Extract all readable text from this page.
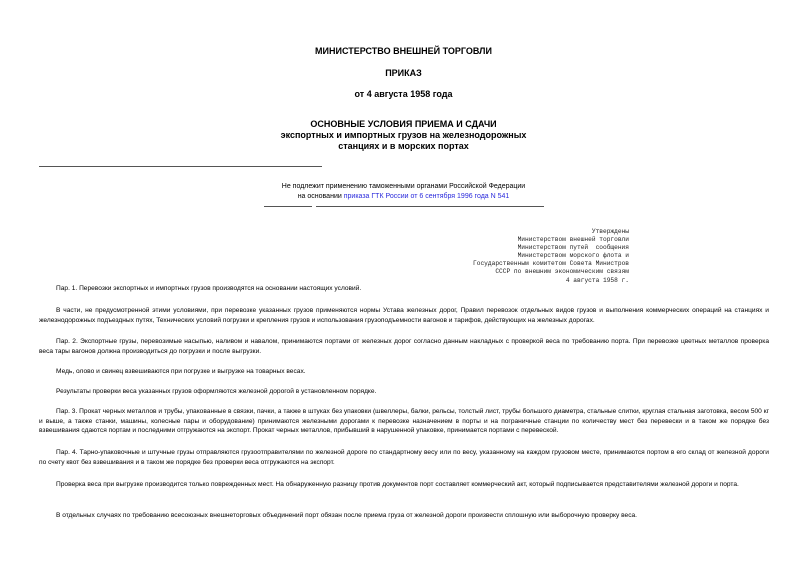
МИНИСТЕРСТВО ВНЕШНЕЙ ТОРГОВЛИ
ПРИКАЗ
от 4 августа 1958 года
ОСНОВНЫЕ УСЛОВИЯ ПРИЕМА И СДАЧИ
экспортных и импортных грузов на железнодорожных
станциях и в морских портах
Не подлежит применению таможенными органами Российской Федерации
на основании приказа ГТК России от 6 сентября 1996 года N 541
Утверждены
Министерством внешней торговли
Министерством путей  сообщения
Министерством морского флота и
Государственным комитетом Совета Министров
СССР по внешним экономическим связям
4 августа 1958 г.
Пар. 1. Перевозки экспортных и импортных грузов производятся на основании настоящих условий.
В части, не предусмотренной этими условиями, при перевозке указанных грузов применяются нормы Устава железных дорог, Правил перевозок отдельных видов грузов и выполнения коммерческих операций на станциях и железнодорожных подъездных путях, Технических условий погрузки и крепления грузов и использования грузоподъемности вагонов и тарифов, действующих на железных дорогах.
Пар. 2. Экспортные грузы, перевозимые насыпью, наливом и навалом, принимаются портами от железных дорог согласно данным накладных с проверкой веса по требованию порта. При перевозке цветных металлов проверка веса тары вагонов должна производиться до погрузки и после выгрузки.
Медь, олово и свинец взвешиваются при погрузке и выгрузке на товарных весах.
Результаты проверки веса указанных грузов оформляются железной дорогой в установленном порядке.
Пар. 3. Прокат черных металлов и трубы, упакованные в связки, пачки, а также в штуках без упаковки (швеллеры, балки, рельсы, толстый лист, трубы большого диаметра, стальные слитки, круглая стальная заготовка, весом 500 кг и выше, а также станки, машины, колесные пары и оборудование) принимаются железными дорогами к перевозке назначением в порты и на пограничные станции по количеству мест без перевески и в таком же порядке без взвешивания сдаются портам и последними отгружаются на экспорт. Прокат черных металлов, прибывший в нарушенной упаковке, принимается портами с перевеской.
Пар. 4. Тарно-упаковочные и штучные грузы отправляются грузоотправителями по железной дороге по стандартному весу или по весу, указанному на каждом грузовом месте, принимаются портом в его склад от железной дороги по счету квот без взвешивания и в таком же порядке без проверки веса отгружаются на экспорт.
Проверка веса при выгрузке производится только поврежденных мест. На обнаруженную разницу против документов порт составляет коммерческий акт, который подписывается представителями железной дороги и порта.
В отдельных случаях по требованию всесоюзных внешнеторговых объединений порт обязан после приема груза от железной дороги произвести сплошную или выборочную проверку веса.
